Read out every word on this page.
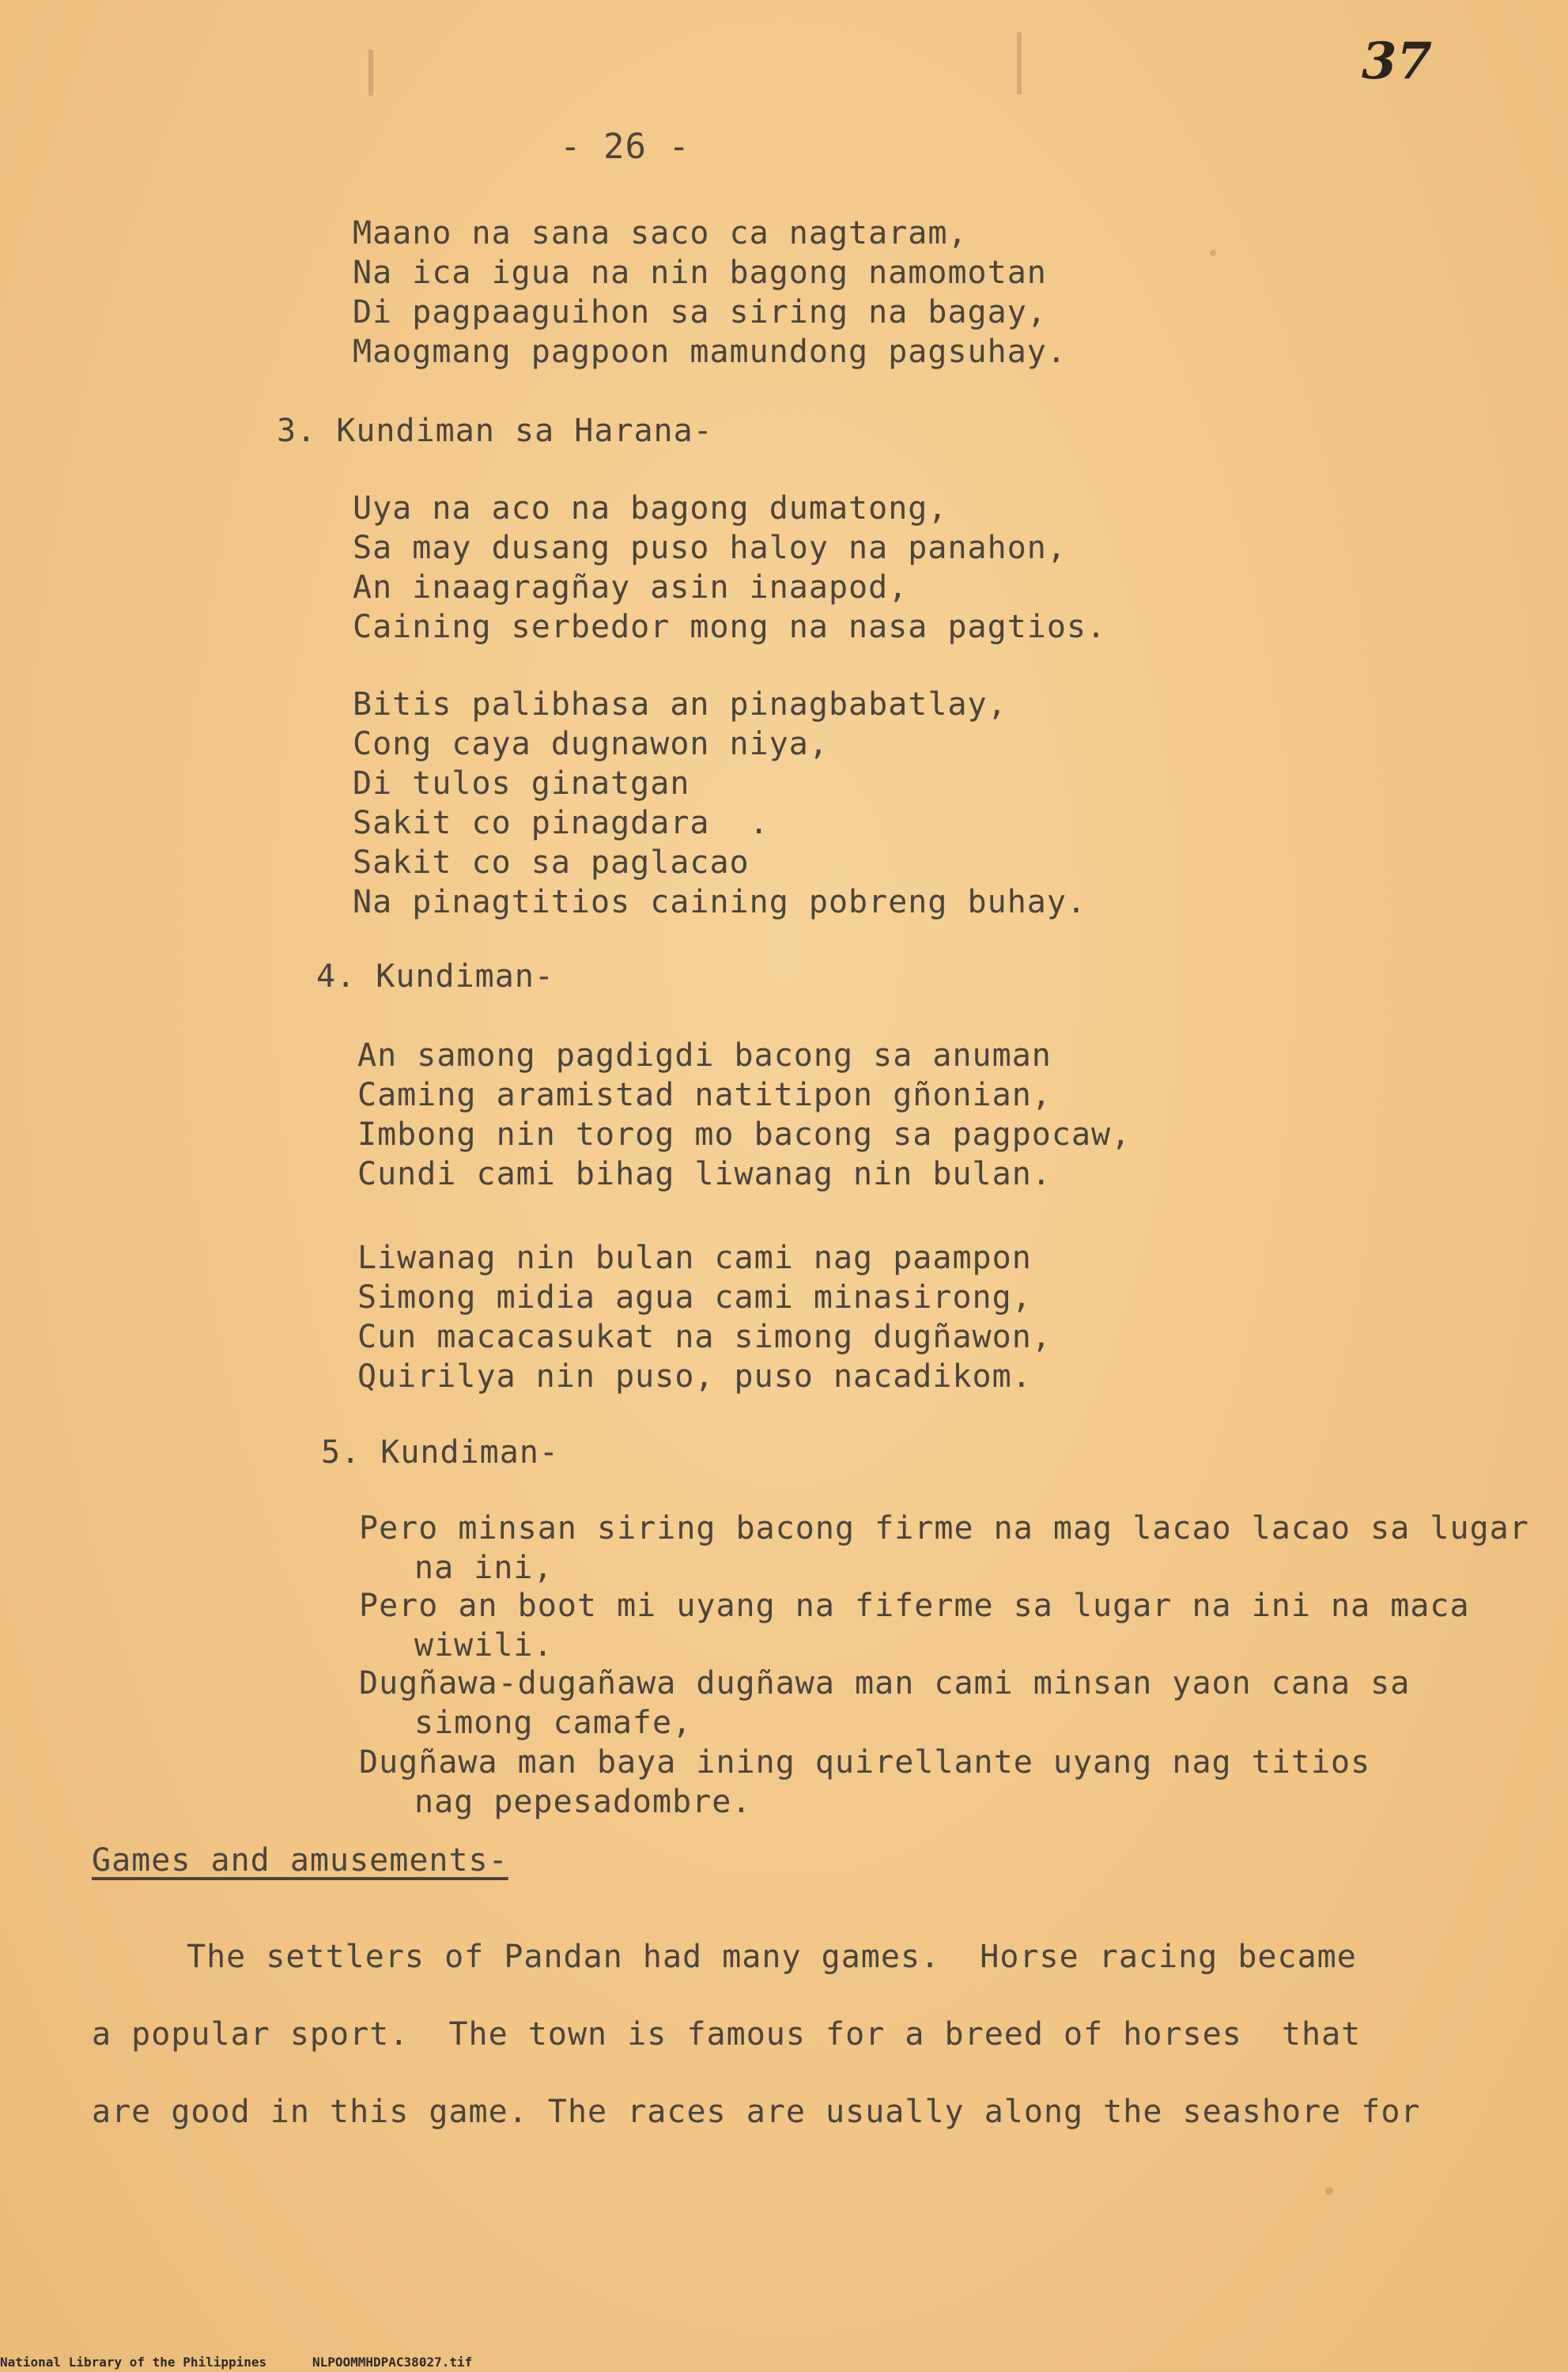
37
- 26 -
Maano na sana saco ca nagtaram,
Na ica igua na nin bagong namomotan
Di pagpaaguihon sa siring na bagay,
Maogmang pagpoon mamundong pagsuhay.
3. Kundiman sa Harana-
Uya na aco na bagong dumatong,
Sa may dusang puso haloy na panahon,
An inaagragñay asin inaapod,
Caining serbedor mong na nasa pagtios.
Bitis palibhasa an pinagbabatlay,
Cong caya dugnawon niya,
Di tulos ginatgan
Sakit co pinagdara  .
Sakit co sa paglacao
Na pinagtitios caining pobreng buhay.
4. Kundiman-
An samong pagdigdi bacong sa anuman
Caming aramistad natitipon gñonian,
Imbong nin torog mo bacong sa pagpocaw,
Cundi cami bihag liwanag nin bulan.
Liwanag nin bulan cami nag paampon
Simong midia agua cami minasirong,
Cun macacasukat na simong dugñawon,
Quirilya nin puso, puso nacadikom.
5. Kundiman-
Pero minsan siring bacong firme na mag lacao lacao sa lugar
na ini,
Pero an boot mi uyang na fiferme sa lugar na ini na maca
wiwili.
Dugñawa-dugañawa dugñawa man cami minsan yaon cana sa
simong camafe,
Dugñawa man baya ining quirellante uyang nag titios
nag pepesadombre.
Games and amusements-
The settlers of Pandan had many games.  Horse racing became
a popular sport.  The town is famous for a breed of horses  that
are good in this game. The races are usually along the seashore for
National Library of the Philippines	NLPOOMMHDPAC38027.tif
